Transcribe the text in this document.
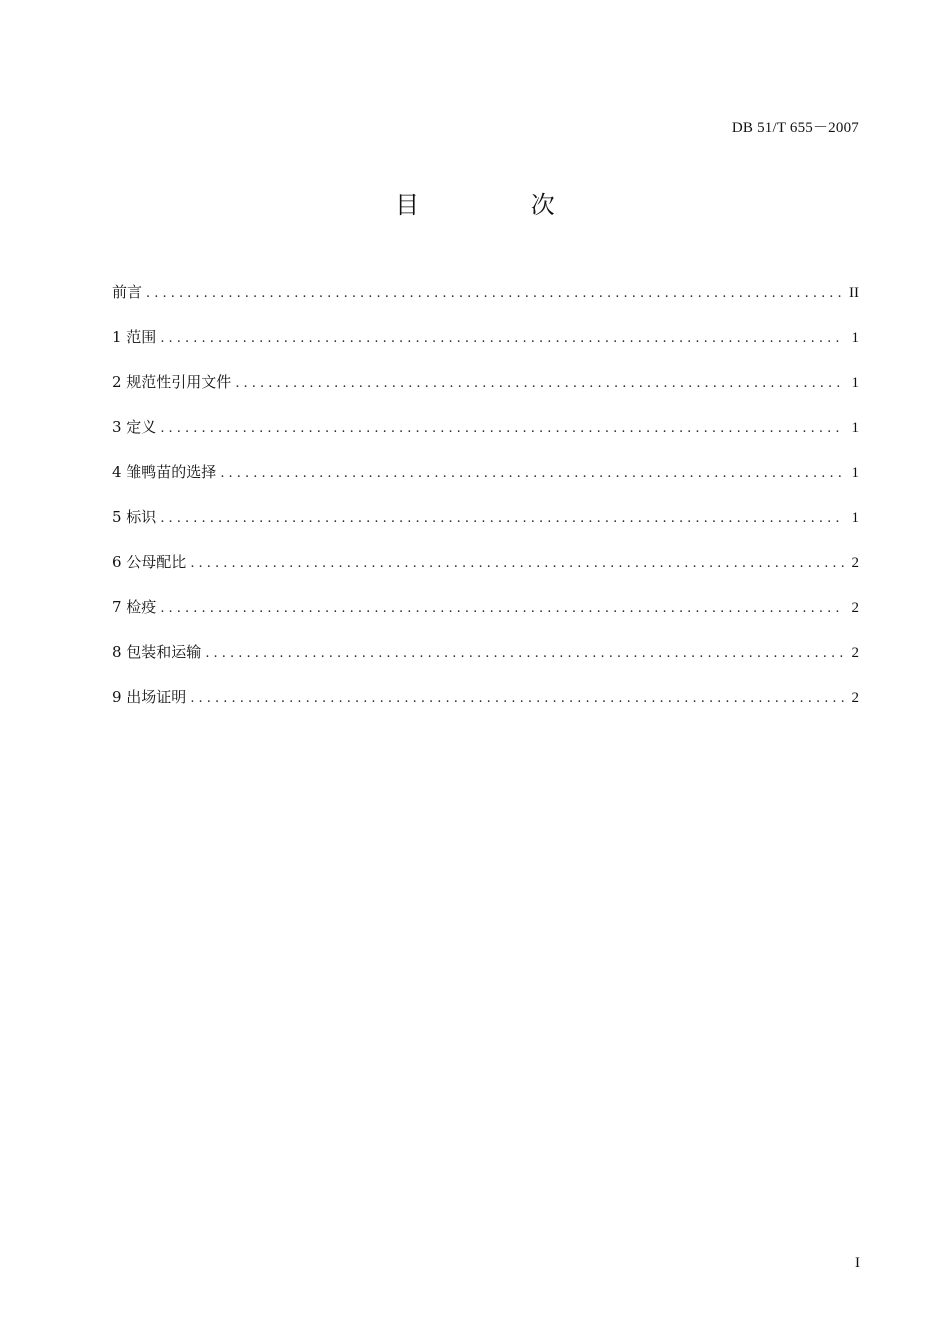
DB 51/T 655－2007
目 次
前言 .....	II
1 范围 .....	1
2 规范性引用文件 .....	1
3 定义 .....	1
4 雏鸭苗的选择 .....	1
5 标识 .....	1
6 公母配比 .....	2
7 检疫 .....	2
8 包装和运输 .....	2
9 出场证明 .....	2
I
